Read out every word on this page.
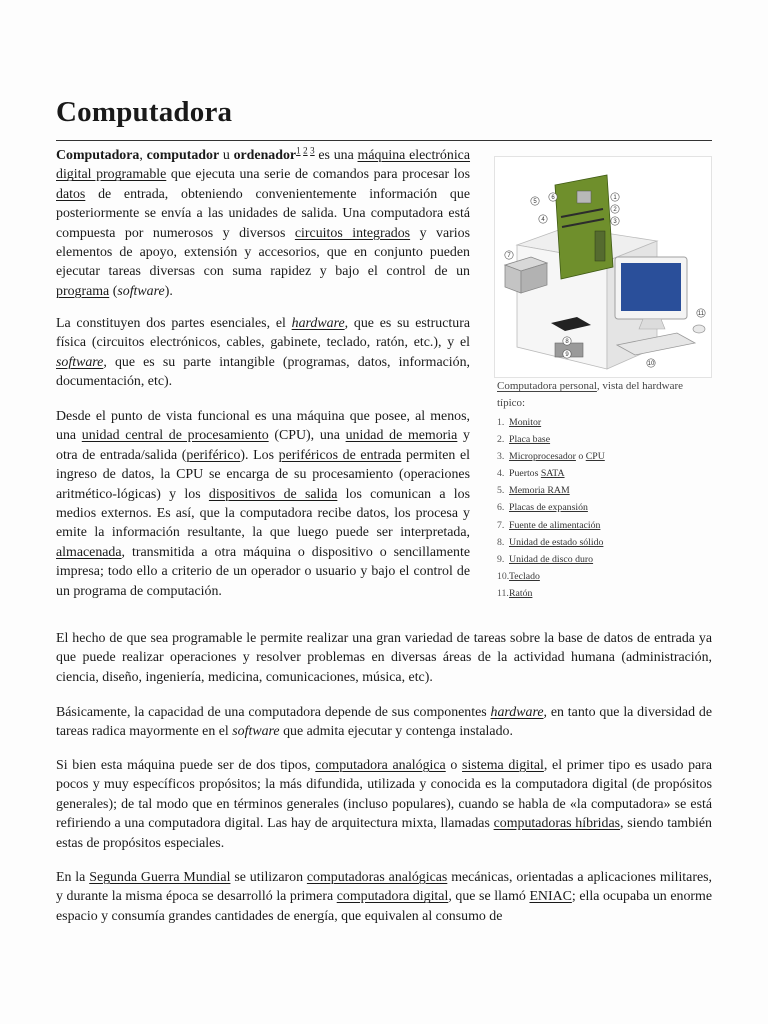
Computadora

Computadora, computador u ordenador$^{1 2 3}$ es una máquina electrónica digital programable que ejecuta una serie de comandos para procesar los datos de entrada, obteniendo convenientemente información que posteriormente se envía a las unidades de salida. Una computadora está compuesta por numerosos y diversos circuitos integrados y varios elementos de apoyo, extensión y accesorios, que en conjunto pueden ejecutar tareas diversas con suma rapidez y bajo el control de un programa (software).

La constituyen dos partes esenciales, el hardware, que es su estructura física (circuitos electrónicos, cables, gabinete, teclado, ratón, etc.), y el software, que es su parte intangible (programas, datos, información, documentación, etc).

Desde el punto de vista funcional es una máquina que posee, al menos, una unidad central de procesamiento (CPU), una unidad de memoria y otra de entrada/salida (periférico). Los periféricos de entrada permiten el ingreso de datos, la CPU se encarga de su procesamiento (operaciones aritmético-lógicas) y los dispositivos de salida los comunican a los medios externos. Es así, que la computadora recibe datos, los procesa y emite la información resultante, la que luego puede ser interpretada, almacenada, transmitida a otra máquina o dispositivo o sencillamente impresa; todo ello a criterio de un operador o usuario y bajo el control de un programa de computación.

El hecho de que sea programable le permite realizar una gran variedad de tareas sobre la base de datos de entrada ya que puede realizar operaciones y resolver problemas en diversas áreas de la actividad humana (administración, ciencia, diseño, ingeniería, medicina, comunicaciones, música, etc).

Básicamente, la capacidad de una computadora depende de sus componentes hardware, en tanto que la diversidad de tareas radica mayormente en el software que admita ejecutar y contenga instalado.

Si bien esta máquina puede ser de dos tipos, computadora analógica o sistema digital, el primer tipo es usado para pocos y muy específicos propósitos; la más difundida, utilizada y conocida es la computadora digital (de propósitos generales); de tal modo que en términos generales (incluso populares), cuando se habla de «la computadora» se está refiriendo a una computadora digital. Las hay de arquitectura mixta, llamadas computadoras híbridas, siendo también estas de propósitos especiales.

En la Segunda Guerra Mundial se utilizaron computadoras analógicas mecánicas, orientadas a aplicaciones militares, y durante la misma época se desarrolló la primera computadora digital, que se llamó ENIAC; ella ocupaba un enorme espacio y consumía grandes cantidades de energía, que equivalen al consumo de

1
2
3
4
5
6
7
8
9
10
11
Computadora personal, vista del hardware típico:
1. Monitor
2. Placa base
3. Microprocesador o CPU
4. Puertos SATA
5. Memoria RAM
6. Placas de expansión
7. Fuente de alimentación
8. Unidad de estado sólido
9. Unidad de disco duro
10.Teclado
11.Ratón
